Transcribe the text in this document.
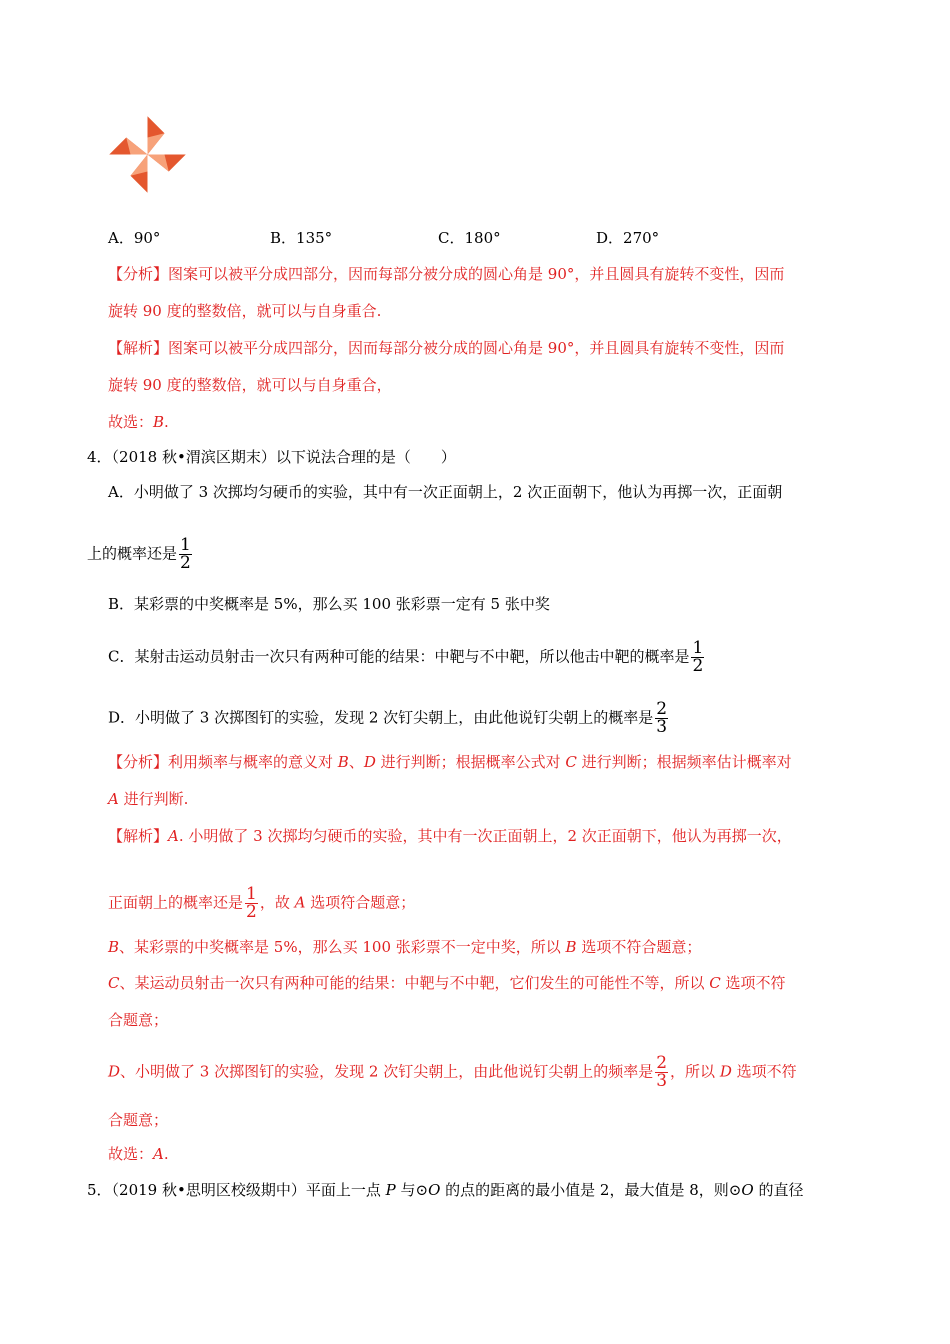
A．90°	B．135°	C．180°	D．270°
【分析】图案可以被平分成四部分，因而每部分被分成的圆心角是 90°，并且圆具有旋转不变性，因而
旋转 90 度的整数倍，就可以与自身重合.
【解析】图案可以被平分成四部分，因而每部分被分成的圆心角是 90°，并且圆具有旋转不变性，因而
旋转 90 度的整数倍，就可以与自身重合，
故选：B.
4．（2018 秋•渭滨区期末）以下说法合理的是（　　）
A．小明做了 3 次掷均匀硬币的实验，其中有一次正面朝上，2 次正面朝下，他认为再掷一次，正面朝
上的概率还是 $\frac{1}{2}$
B．某彩票的中奖概率是 5%，那么买 100 张彩票一定有 5 张中奖
C．某射击运动员射击一次只有两种可能的结果：中靶与不中靶，所以他击中靶的概率是 $\frac{1}{2}$
D．小明做了 3 次掷图钉的实验，发现 2 次钉尖朝上，由此他说钉尖朝上的概率是 $\frac{2}{3}$
【分析】利用频率与概率的意义对 B、D 进行判断；根据概率公式对 C 进行判断；根据频率估计概率对
A 进行判断.
【解析】A. 小明做了 3 次掷均匀硬币的实验，其中有一次正面朝上，2 次正面朝下，他认为再掷一次，
正面朝上的概率还是 $\frac{1}{2}$ ，故 A 选项符合题意；
B、某彩票的中奖概率是 5%，那么买 100 张彩票不一定中奖，所以 B 选项不符合题意；
C、某运动员射击一次只有两种可能的结果：中靶与不中靶，它们发生的可能性不等，所以 C 选项不符
合题意；
D、小明做了 3 次掷图钉的实验，发现 2 次钉尖朝上，由此他说钉尖朝上的频率是 $\frac{2}{3}$ ，所以 D 选项不符
合题意；
故选：A.
5．（2019 秋•思明区校级期中）平面上一点 P 与⊙O 的点的距离的最小值是 2，最大值是 8，则⊙O 的直径
